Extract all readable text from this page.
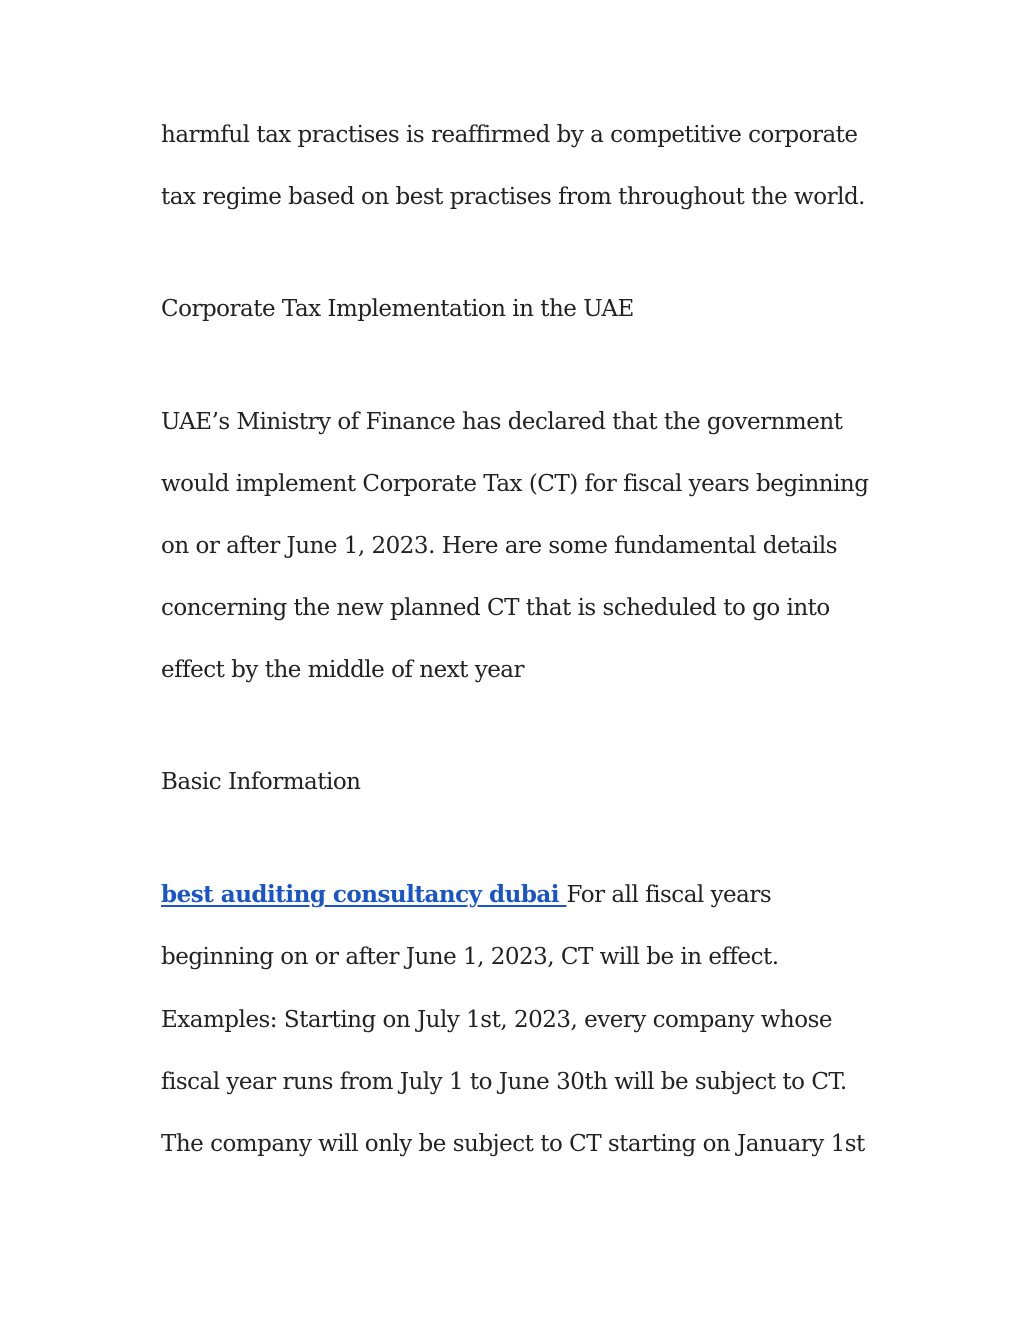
harmful tax practises is reaffirmed by a competitive corporate

tax regime based on best practises from throughout the world.

Corporate Tax Implementation in the UAE

UAE’s Ministry of Finance has declared that the government

would implement Corporate Tax (CT) for fiscal years beginning

on or after June 1, 2023. Here are some fundamental details

concerning the new planned CT that is scheduled to go into

effect by the middle of next year

Basic Information

best auditing consultancy dubai For all fiscal years

beginning on or after June 1, 2023, CT will be in effect.

Examples: Starting on July 1st, 2023, every company whose

fiscal year runs from July 1 to June 30th will be subject to CT.

The company will only be subject to CT starting on January 1st
